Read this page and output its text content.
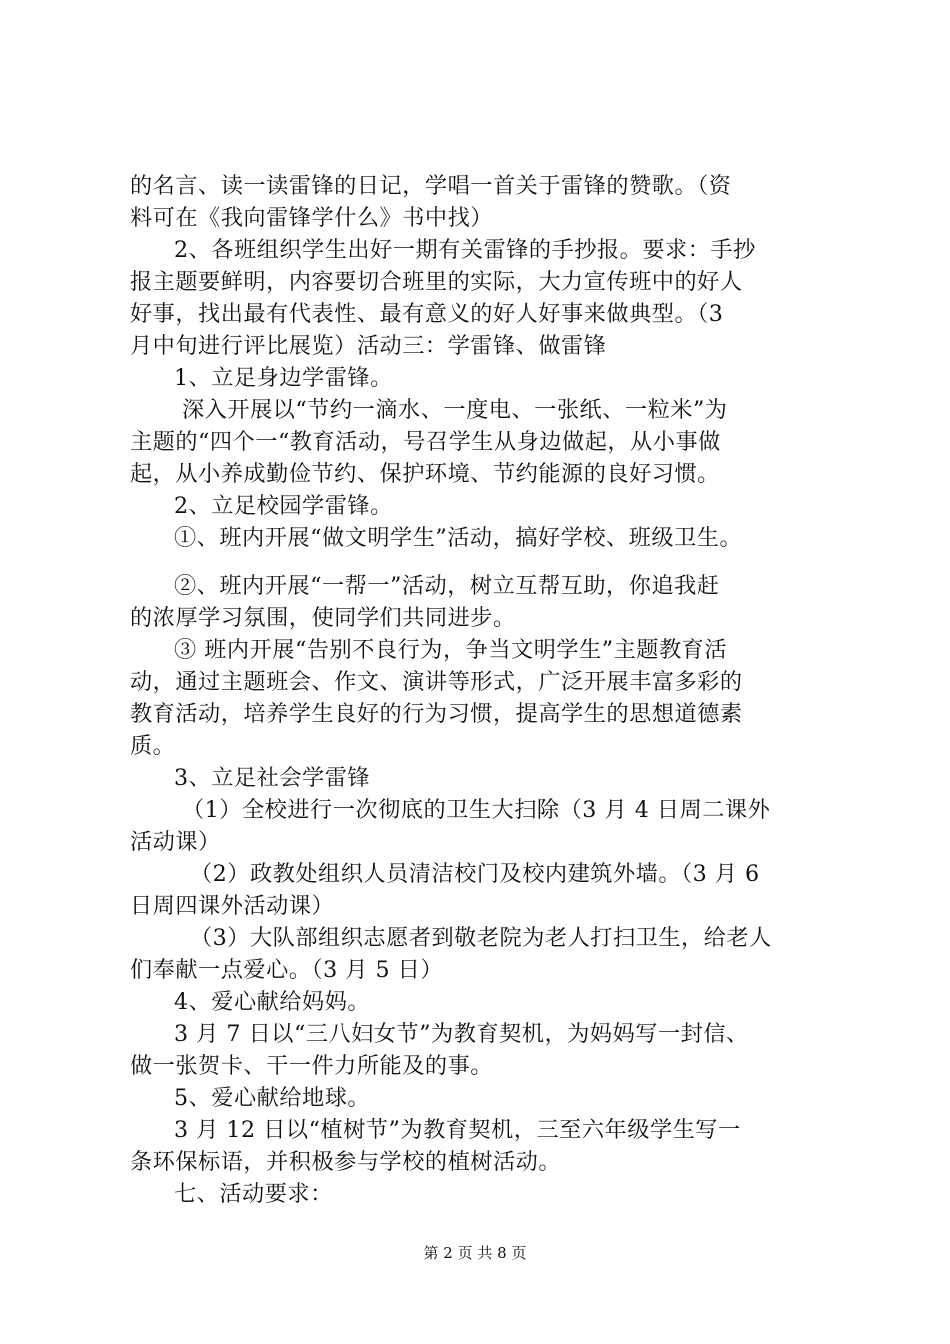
的名言、读一读雷锋的日记，学唱一首关于雷锋的赞歌。（资
料可在《我向雷锋学什么》书中找）
2、各班组织学生出好一期有关雷锋的手抄报。要求：手抄
报主题要鲜明，内容要切合班里的实际，大力宣传班中的好人
好事，找出最有代表性、最有意义的好人好事来做典型。（3
月中旬进行评比展览）活动三：学雷锋、做雷锋
1、立足身边学雷锋。
深入开展以“节约一滴水、一度电、一张纸、一粒米”为
主题的“四个一“教育活动，号召学生从身边做起，从小事做
起，从小养成勤俭节约、保护环境、节约能源的良好习惯。
2、立足校园学雷锋。
①、班内开展“做文明学生”活动，搞好学校、班级卫生。
②、班内开展“一帮一”活动，树立互帮互助，你追我赶
的浓厚学习氛围，使同学们共同进步。
③ 班内开展“告别不良行为，争当文明学生”主题教育活
动，通过主题班会、作文、演讲等形式，广泛开展丰富多彩的
教育活动，培养学生良好的行为习惯，提高学生的思想道德素
质。
3、立足社会学雷锋
（1）全校进行一次彻底的卫生大扫除（3 月 4 日周二课外
活动课）
（2）政教处组织人员清洁校门及校内建筑外墙。（3 月 6
日周四课外活动课）
（3）大队部组织志愿者到敬老院为老人打扫卫生，给老人
们奉献一点爱心。（3 月 5 日）
4、爱心献给妈妈。
3 月 7 日以“三八妇女节”为教育契机，为妈妈写一封信、
做一张贺卡、干一件力所能及的事。
5、爱心献给地球。
3 月 12 日以“植树节”为教育契机，三至六年级学生写一
条环保标语，并积极参与学校的植树活动。
七、活动要求：
第 2 页 共 8 页
